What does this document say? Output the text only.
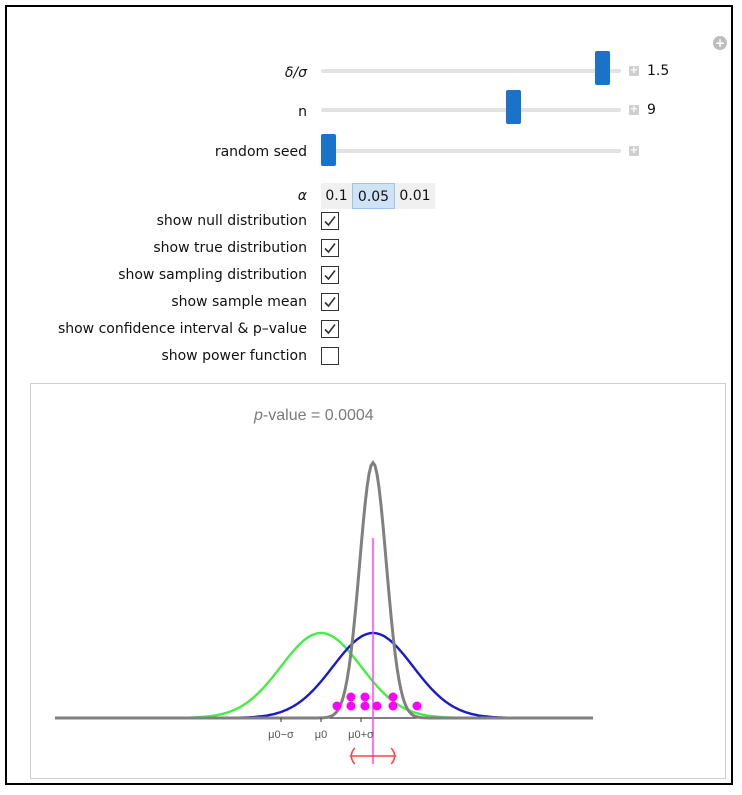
+
δ/σ	+ 1.5
n	+ 9
random seed	+
α	0.1 0.05 0.01
show null distribution
show true distribution
show sampling distribution
show sample mean
show confidence interval & p–value
show power function
p-value = 0.0004
μ0−σ μ0 μ0+σ
